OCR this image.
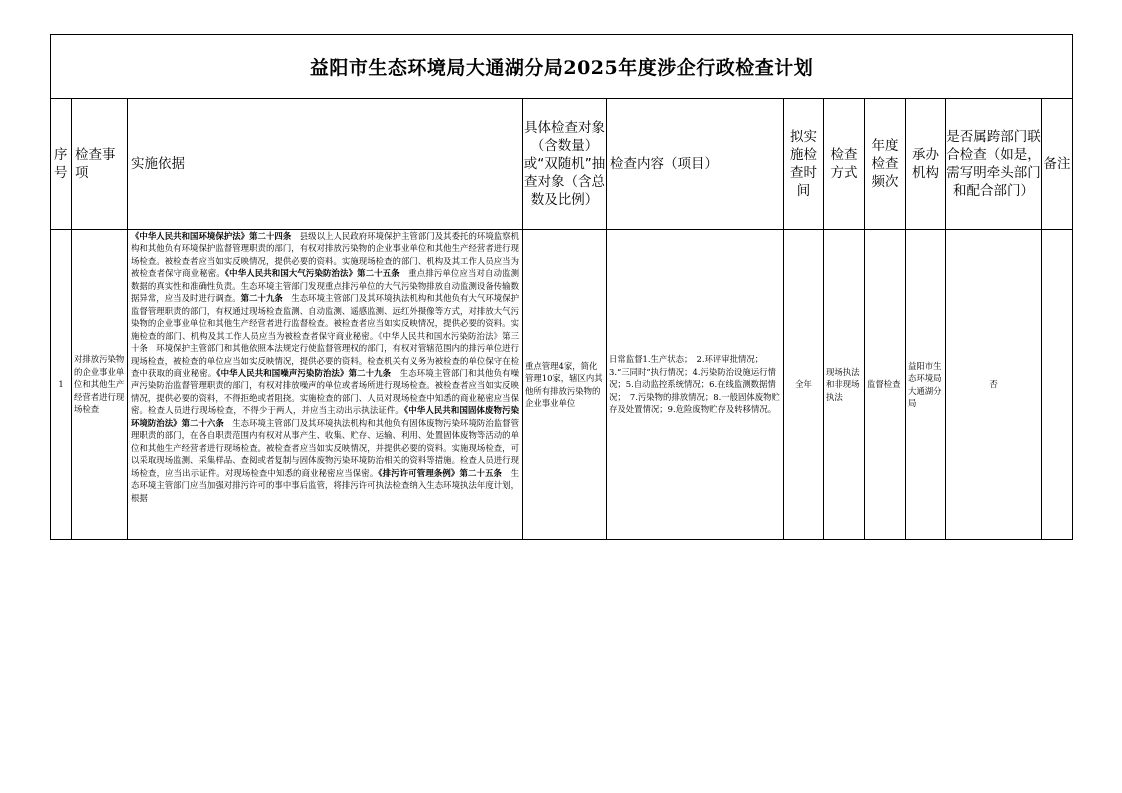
益阳市生态环境局大通湖分局2025年度涉企行政检查计划										
序号	检查事项	实施依据	具体检查对象（含数量）或“双随机”抽查对象（含总数及比例）	检查内容（项目）	拟实施检查时间	检查方式	年度检查频次	承办机构	是否属跨部门联合检查（如是，需写明牵头部门和配合部门）	备注
1	对排放污染物的企业事业单位和其他生产经营者进行现场检查	《中华人民共和国环境保护法》第二十四条　县级以上人民政府环境保护主管部门及其委托的环境监察机构和其他负有环境保护监督管理职责的部门，有权对排放污染物的企业事业单位和其他生产经营者进行现场检查。被检查者应当如实反映情况，提供必要的资料。实施现场检查的部门、机构及其工作人员应当为被检查者保守商业秘密。《中华人民共和国大气污染防治法》第二十五条　重点排污单位应当对自动监测数据的真实性和准确性负责。生态环境主管部门发现重点排污单位的大气污染物排放自动监测设备传输数据异常，应当及时进行调查。第二十九条　生态环境主管部门及其环境执法机构和其他负有大气环境保护监督管理职责的部门，有权通过现场检查监测、自动监测、遥感监测、远红外摄像等方式，对排放大气污染物的企业事业单位和其他生产经营者进行监督检查。被检查者应当如实反映情况，提供必要的资料。实施检查的部门、机构及其工作人员应当为被检查者保守商业秘密。《中华人民共和国水污染防治法》第三十条　环境保护主管部门和其他依照本法规定行使监督管理权的部门，有权对管辖范围内的排污单位进行现场检查，被检查的单位应当如实反映情况，提供必要的资料。检查机关有义务为被检查的单位保守在检查中获取的商业秘密。《中华人民共和国噪声污染防治法》第二十九条　生态环境主管部门和其他负有噪声污染防治监督管理职责的部门，有权对排放噪声的单位或者场所进行现场检查。被检查者应当如实反映情况，提供必要的资料，不得拒绝或者阻挠。实施检查的部门、人员对现场检查中知悉的商业秘密应当保密。检查人员进行现场检查，不得少于两人，并应当主动出示执法证件。《中华人民共和国固体废物污染环境防治法》第二十六条　生态环境主管部门及其环境执法机构和其他负有固体废物污染环境防治监督管理职责的部门，在各自职责范围内有权对从事产生、收集、贮存、运输、利用、处置固体废物等活动的单位和其他生产经营者进行现场检查。被检查者应当如实反映情况，并提供必要的资料。实施现场检查，可以采取现场监测、采集样品、查阅或者复制与固体废物污染环境防治相关的资料等措施。检查人员进行现场检查，应当出示证件。对现场检查中知悉的商业秘密应当保密。《排污许可管理条例》第二十五条　生态环境主管部门应当加强对排污许可的事中事后监管，将排污许可执法检查纳入生态环境执法年度计划，根据	重点管理4家，简化管理10家，辖区内其他所有排放污染物的企业事业单位	日常监督1.生产状态；　2.环评审批情况；3.“三同时”执行情况；4.污染防治设施运行情况；5.自动监控系统情况；6.在线监测数据情况；　7.污染物的排放情况；8.一般固体废物贮存及处置情况；9.危险废物贮存及转移情况。	全年	现场执法和非现场执法	监督检查	益阳市生态环境局大通湖分局	否	
